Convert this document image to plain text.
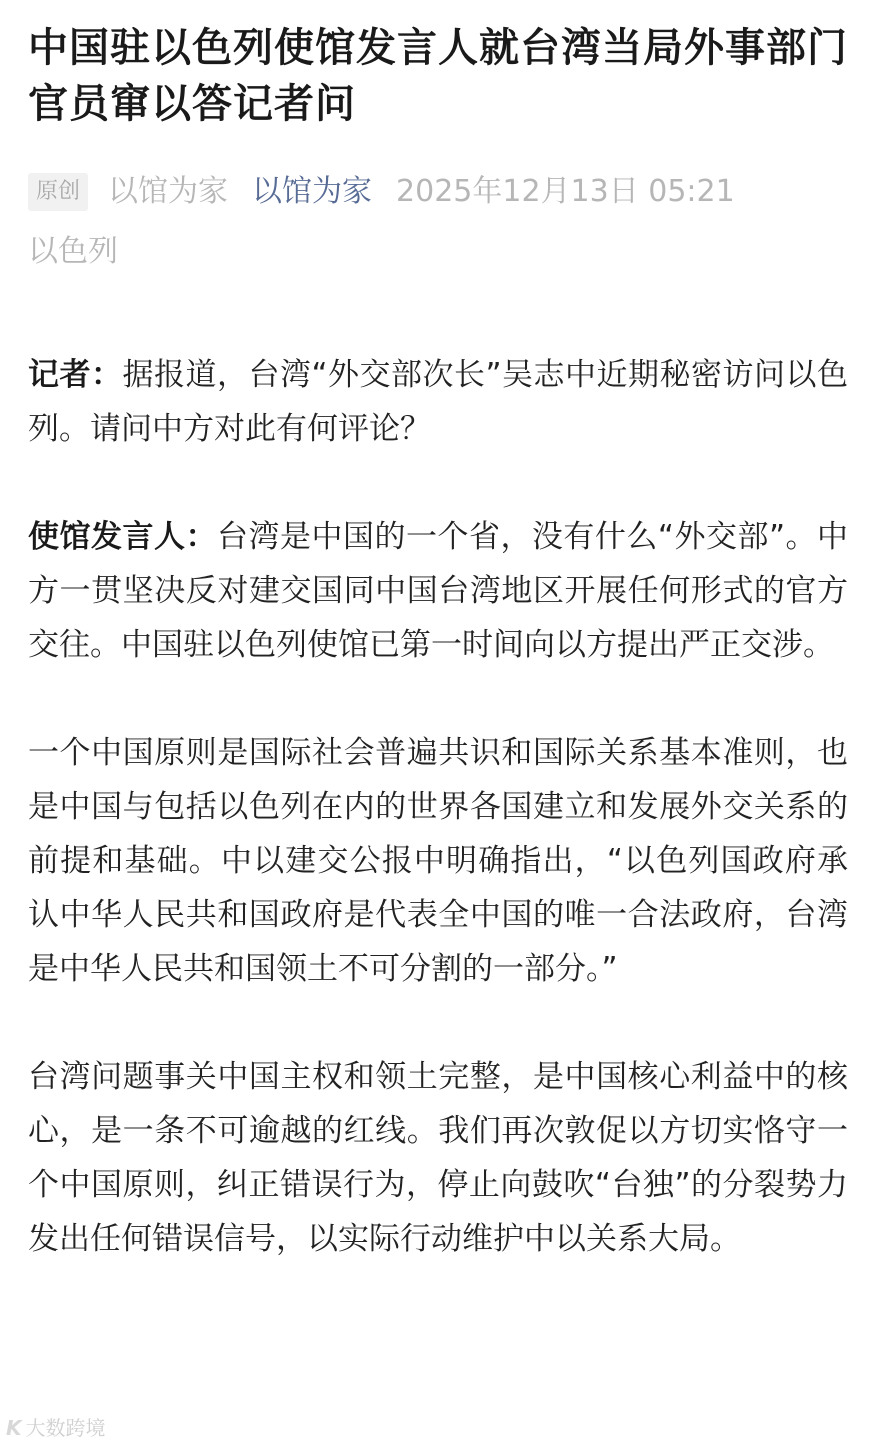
中国驻以色列使馆发言人就台湾当局外事部门官员窜以答记者问
原创 以馆为家 以馆为家 2025年12月13日 05:21
以色列

记者：据报道，台湾“外交部次长”吴志中近期秘密访问以色列。请问中方对此有何评论？

使馆发言人：台湾是中国的一个省，没有什么“外交部”。中方一贯坚决反对建交国同中国台湾地区开展任何形式的官方交往。中国驻以色列使馆已第一时间向以方提出严正交涉。

一个中国原则是国际社会普遍共识和国际关系基本准则，也是中国与包括以色列在内的世界各国建立和发展外交关系的前提和基础。中以建交公报中明确指出，“以色列国政府承认中华人民共和国政府是代表全中国的唯一合法政府，台湾是中华人民共和国领土不可分割的一部分。”

台湾问题事关中国主权和领土完整，是中国核心利益中的核心，是一条不可逾越的红线。我们再次敦促以方切实恪守一个中国原则，纠正错误行为，停止向鼓吹“台独”的分裂势力发出任何错误信号，以实际行动维护中以关系大局。

K 大数跨境
